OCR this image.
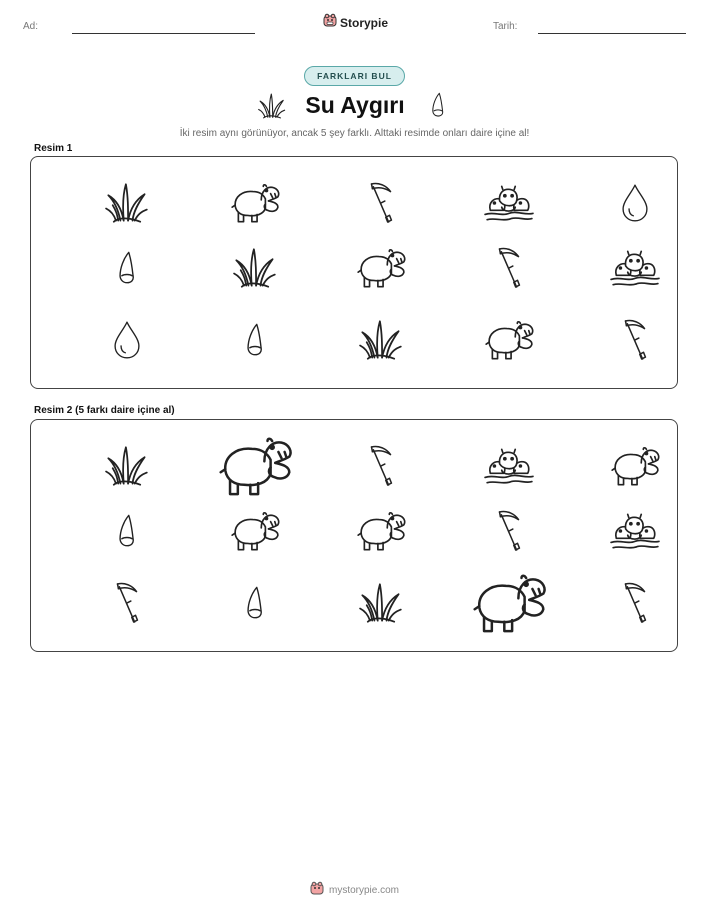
Ad:	Storypie	Tarih:
FARKLARI BUL
Su Aygırı
İki resim aynı görünüyor, ancak 5 şey farklı. Alttaki resimde onları daire içine al!
Resim 1
Resim 2 (5 farkı daire içine al)
mystorypie.com
